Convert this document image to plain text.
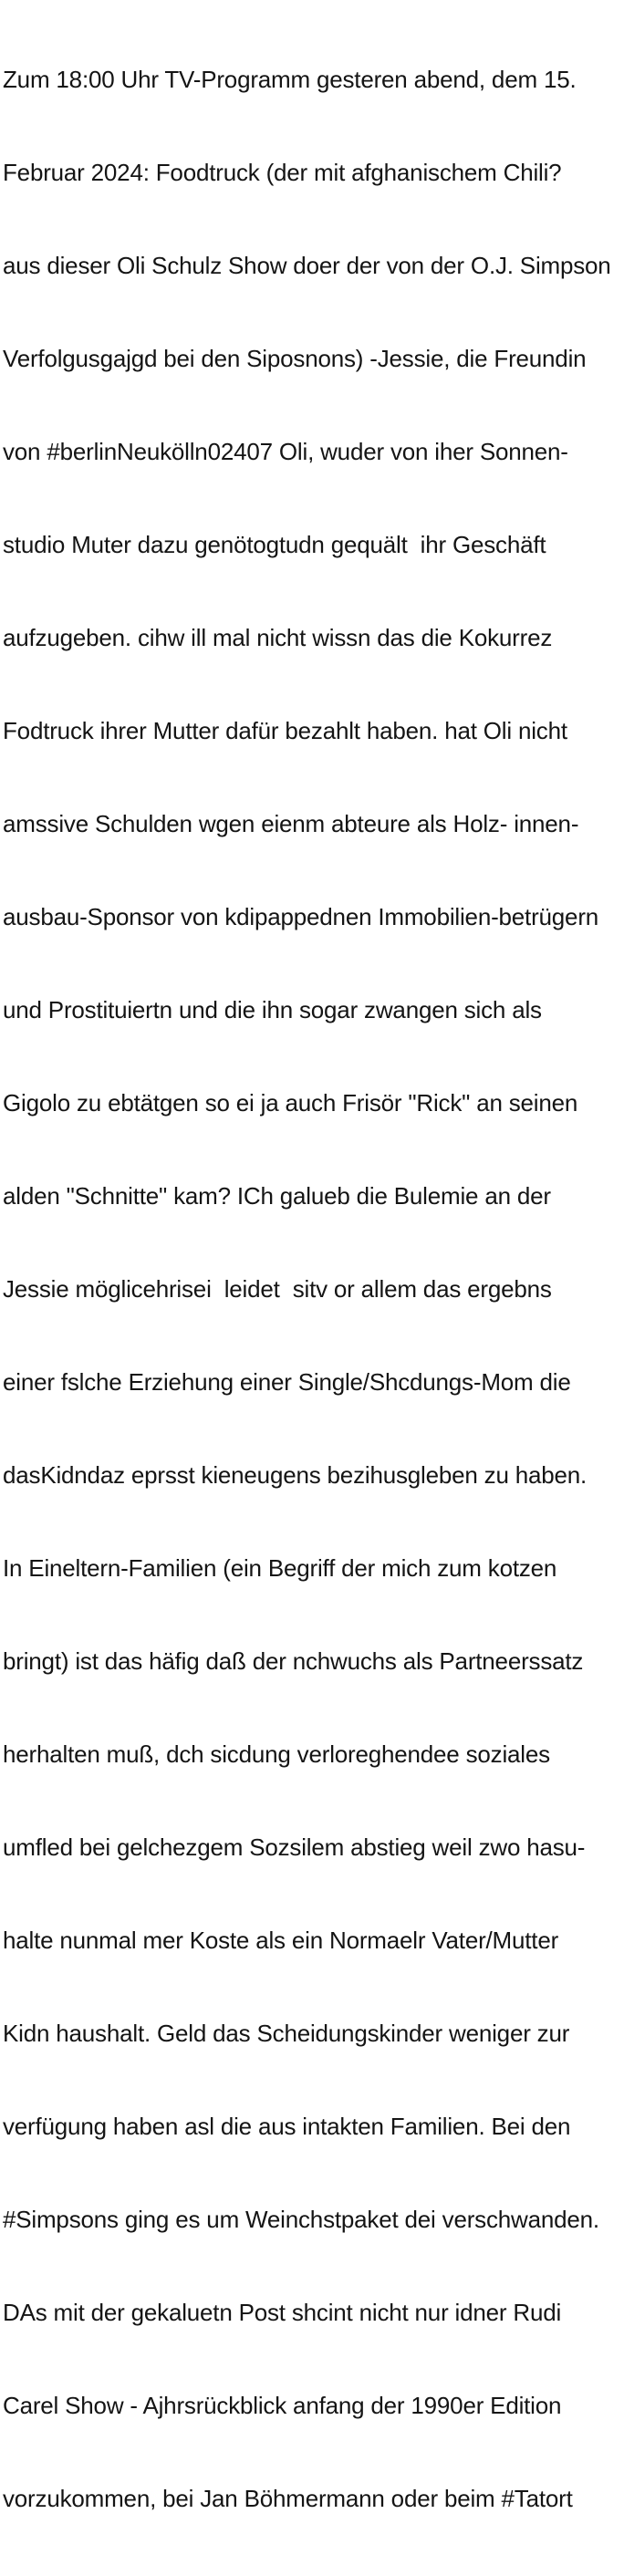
Zum 18:00 Uhr TV-Programm gesteren abend, dem 15.

Februar 2024: Foodtruck (der mit afghanischem Chili?

aus dieser Oli Schulz Show doer der von der O.J. Simpson

Verfolgusgajgd bei den Siposnons) -Jessie, die Freundin

von #berlinNeukölln02407 Oli, wuder von iher Sonnen-

studio Muter dazu genötogtudn gequält  ihr Geschäft

aufzugeben. cihw ill mal nicht wissn das die Kokurrez

Fodtruck ihrer Mutter dafür bezahlt haben. hat Oli nicht

amssive Schulden wgen eienm abteure als Holz- innen-

ausbau-Sponsor von kdipappednen Immobilien-betrügern

und Prostituiertn und die ihn sogar zwangen sich als

Gigolo zu ebtätgen so ei ja auch Frisör "Rick" an seinen

alden "Schnitte" kam? ICh galueb die Bulemie an der

Jessie möglicehrisei  leidet  sitv or allem das ergebns

einer fslche Erziehung einer Single/Shcdungs-Mom die

dasKidndaz eprsst kieneugens bezihusgleben zu haben.

In Eineltern-Familien (ein Begriff der mich zum kotzen

bringt) ist das häfig daß der nchwuchs als Partneerssatz

herhalten muß, dch sicdung verloreghendee soziales

umfled bei gelchezgem Sozsilem abstieg weil zwo hasu-

halte nunmal mer Koste als ein Normaelr Vater/Mutter

Kidn haushalt. Geld das Scheidungskinder weniger zur

verfügung haben asl die aus intakten Familien. Bei den

#Simpsons ging es um Weinchstpaket dei verschwanden.

DAs mit der gekaluetn Post shcint nicht nur idner Rudi

Carel Show - Ajhrsrückblick anfang der 1990er Edition

vorzukommen, bei Jan Böhmermann oder beim #Tatort
